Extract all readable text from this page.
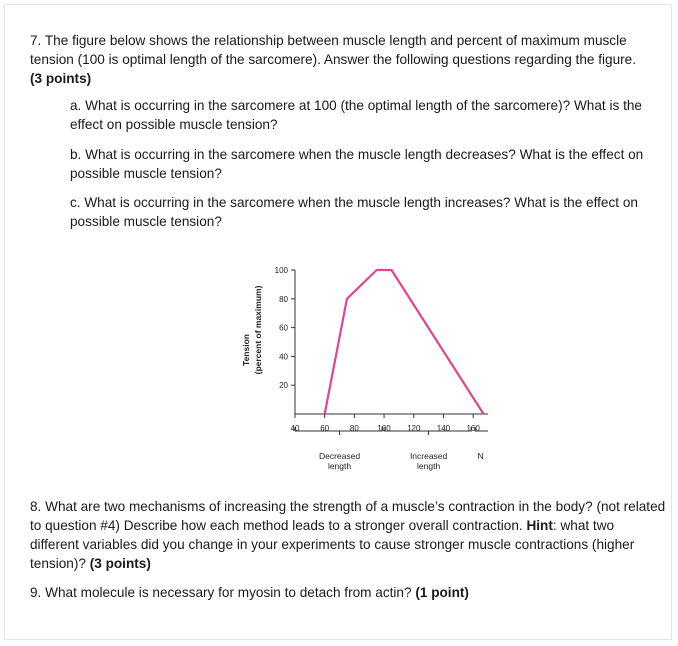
7. The figure below shows the relationship between muscle length and percent of maximum muscle tension (100 is optimal length of the sarcomere). Answer the following questions regarding the figure.
(3 points)
a. What is occurring in the sarcomere at 100 (the optimal length of the sarcomere)? What is the effect on possible muscle tension?
b. What is occurring in the sarcomere when the muscle length decreases? What is the effect on possible muscle tension?
c. What is occurring in the sarcomere when the muscle length increases? What is the effect on possible muscle tension?
20
40
60
80
100
40	60	80 100 120 140 160
Decreased
length
Increased
length
N
Tension (percent of maximum)
8. What are two mechanisms of increasing the strength of a muscle’s contraction in the body? (not related to question #4) Describe how each method leads to a stronger overall contraction. Hint: what two different variables did you change in your experiments to cause stronger muscle contractions (higher tension)? (3 points)
9. What molecule is necessary for myosin to detach from actin? (1 point)
